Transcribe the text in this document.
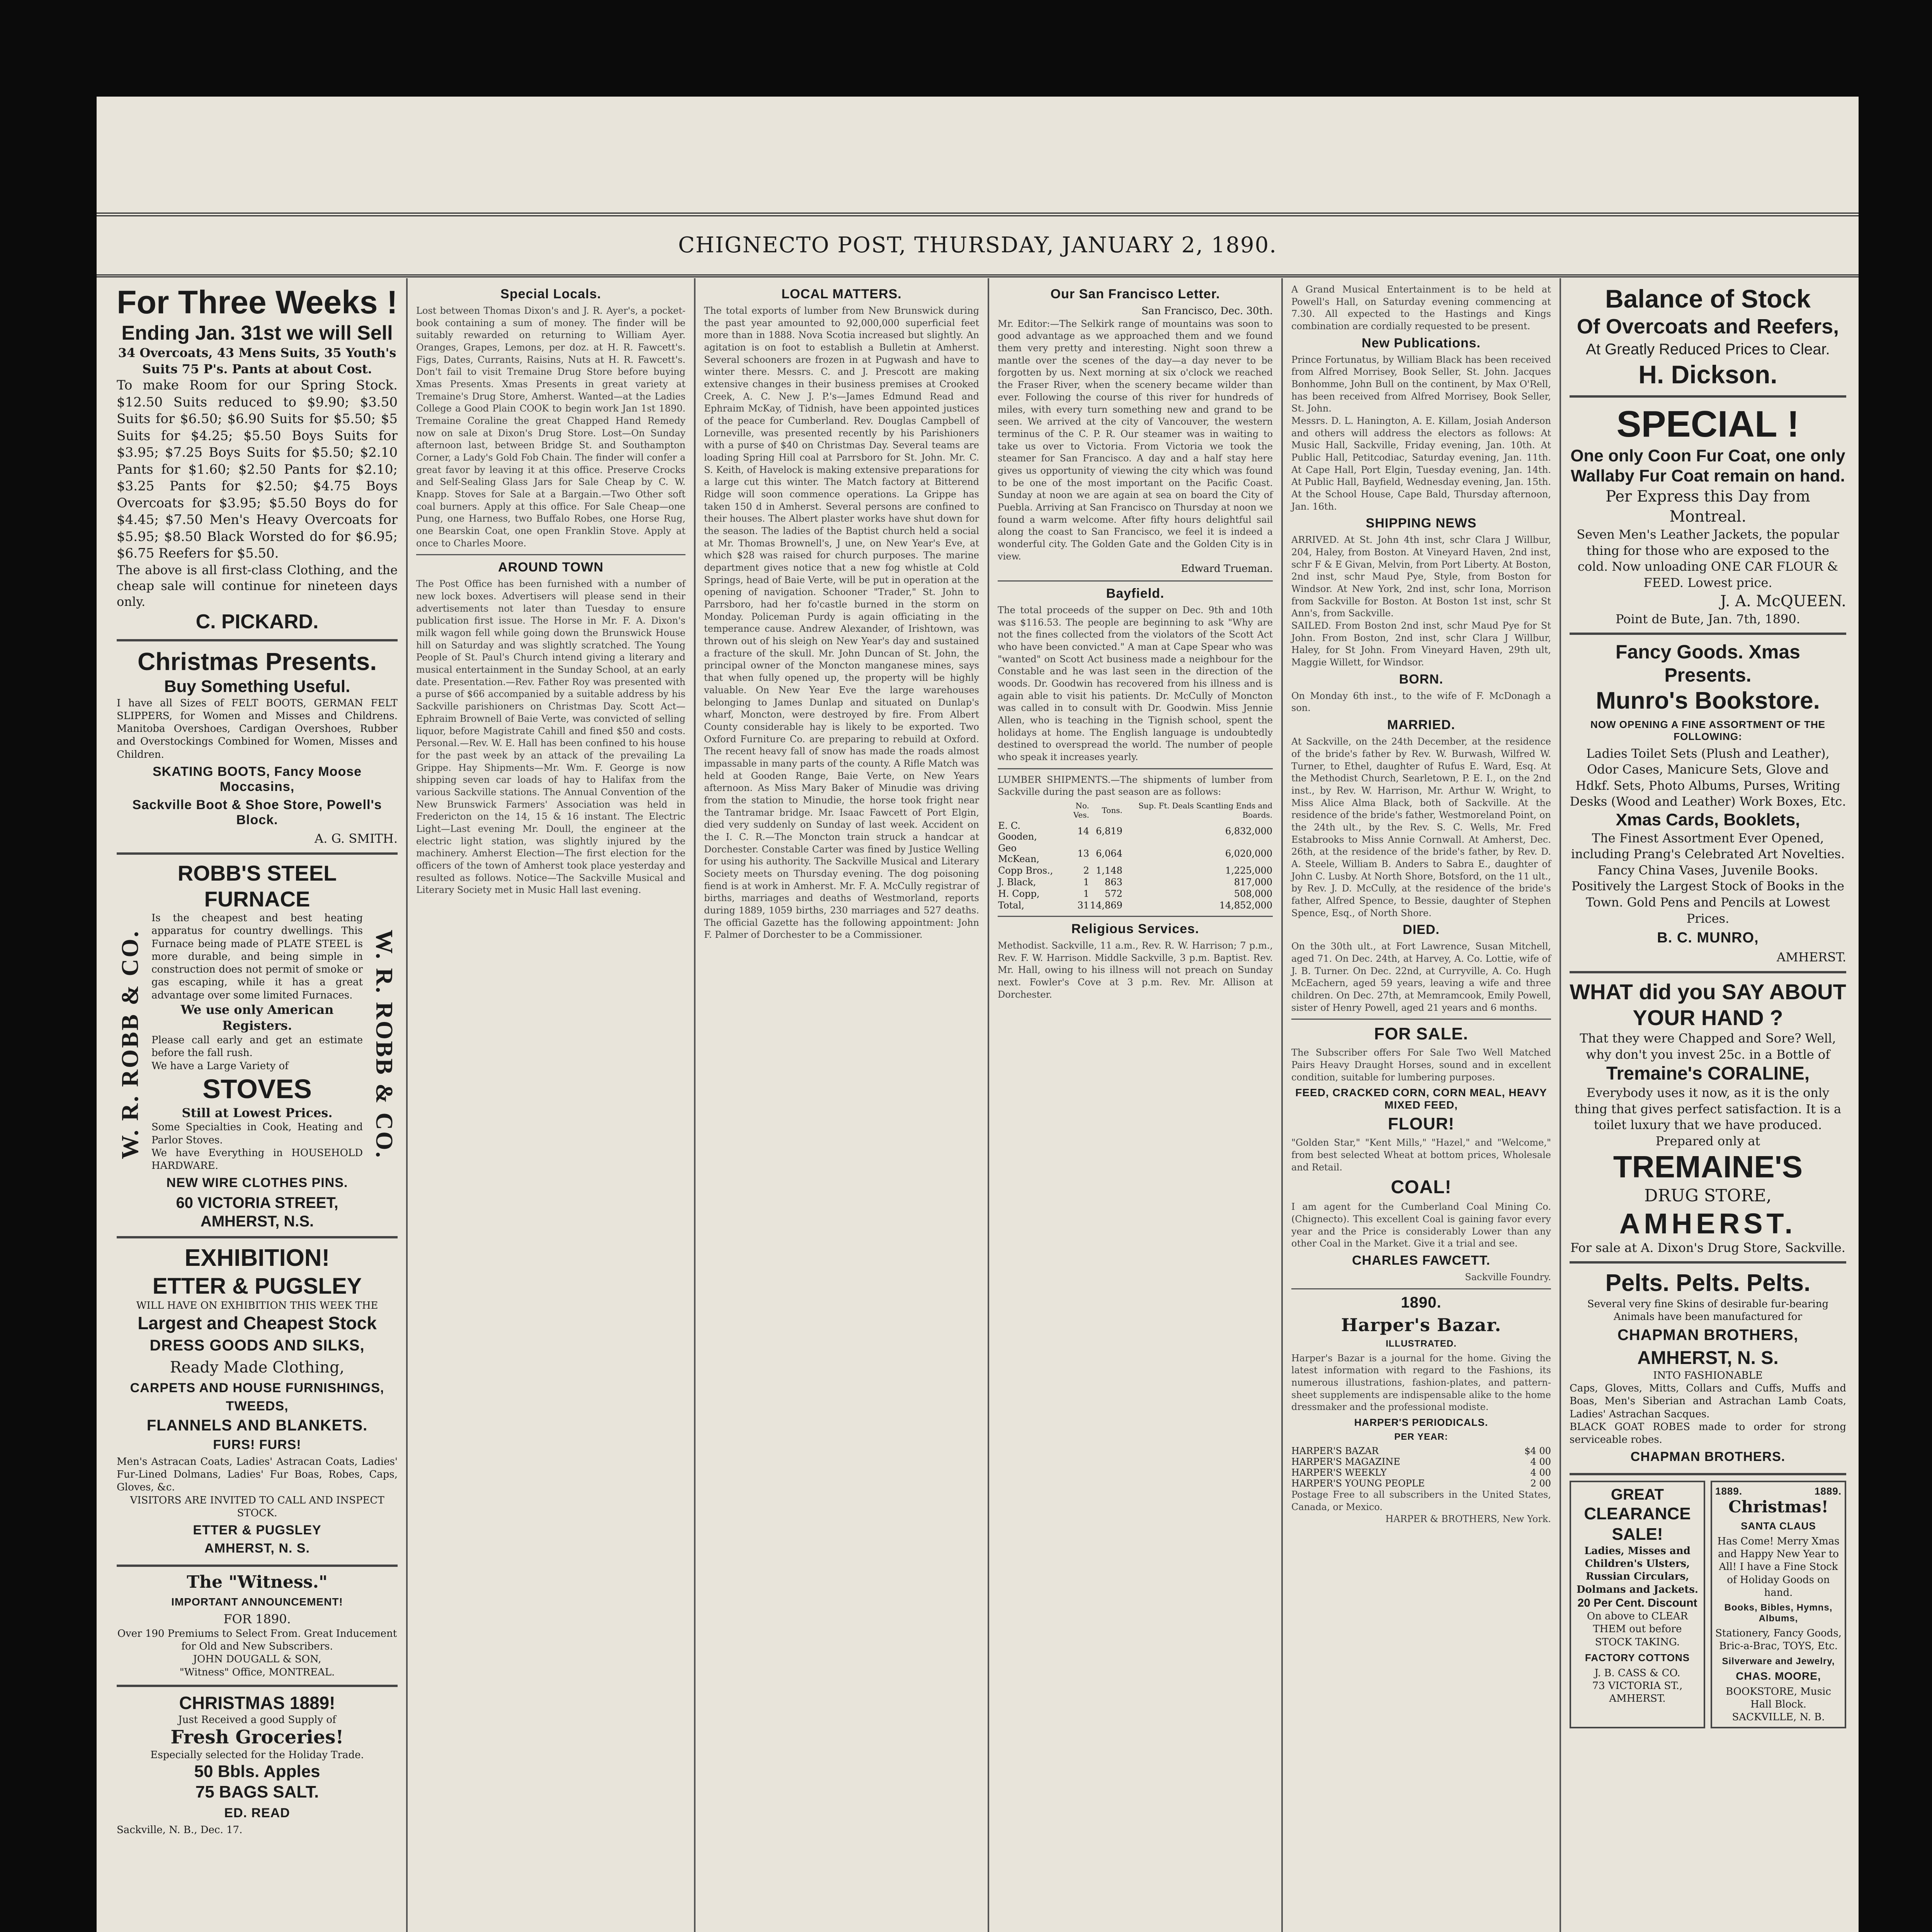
CHIGNECTO POST, THURSDAY, JANUARY 2, 1890.
For Three Weeks !
Ending Jan. 31st we will Sell
34 Overcoats, 43 Mens Suits, 35 Youth's Suits 75 P's. Pants at about Cost.
To make Room for our Spring Stock. $12.50 Suits reduced to $9.90; $3.50 Suits for $6.50; $6.90 Suits for $5.50; $5 Suits for $4.25; $5.50 Boys Suits for $3.95; $7.25 Boys Suits for $5.50; $2.10 Pants for $1.60; $2.50 Pants for $2.10; $3.25 Pants for $2.50; $4.75 Boys Overcoats for $3.95; $5.50 Boys do for $4.45; $7.50 Men's Heavy Overcoats for $5.95; $8.50 Black Worsted do for $6.95; $6.75 Reefers for $5.50.
The above is all first-class Clothing, and the cheap sale will continue for nineteen days only.
C. PICKARD.
Christmas Presents.
Buy Something Useful.
I have all Sizes of FELT BOOTS, GERMAN FELT SLIPPERS, for Women and Misses and Childrens. Manitoba Overshoes, Cardigan Overshoes, Rubber and Overstockings Combined for Women, Misses and Children.
SKATING BOOTS, Fancy Moose Moccasins,
Sackville Boot & Shoe Store, Powell's Block.
A. G. SMITH.
W. R. ROBB & CO.	W. R. ROBB & CO.
ROBB'S STEEL FURNACE
Is the cheapest and best heating apparatus for country dwellings. This Furnace being made of PLATE STEEL is more durable, and being simple in construction does not permit of smoke or gas escaping, while it has a great advantage over some limited Furnaces.
We use only American Registers.
Please call early and get an estimate before the fall rush.
We have a Large Variety of
STOVES
Still at Lowest Prices.
Some Specialties in Cook, Heating and Parlor Stoves.
We have Everything in HOUSEHOLD HARDWARE.
NEW WIRE CLOTHES PINS.
60 VICTORIA STREET, AMHERST, N.S.
EXHIBITION!
ETTER & PUGSLEY
WILL HAVE ON EXHIBITION THIS WEEK THE
Largest and Cheapest Stock
DRESS GOODS AND SILKS,
Ready Made Clothing,
CARPETS AND HOUSE FURNISHINGS,
TWEEDS,
FLANNELS AND BLANKETS.
FURS! FURS!
Men's Astracan Coats, Ladies' Astracan Coats, Ladies' Fur-Lined Dolmans, Ladies' Fur Boas, Robes, Caps, Gloves, &c.
VISITORS ARE INVITED TO CALL AND INSPECT STOCK.
ETTER & PUGSLEY
AMHERST, N. S.
The "Witness."
IMPORTANT ANNOUNCEMENT!
FOR 1890.
Over 190 Premiums to Select From. Great Inducement for Old and New Subscribers.
JOHN DOUGALL & SON,
"Witness" Office, MONTREAL.
CHRISTMAS 1889!
Just Received a good Supply of
Fresh Groceries!
Especially selected for the Holiday Trade.
50 Bbls. Apples
75 BAGS SALT.
ED. READ
Sackville, N. B., Dec. 17.
Special Locals.
Lost between Thomas Dixon's and J. R. Ayer's, a pocket-book containing a sum of money. The finder will be suitably rewarded on returning to William Ayer. Oranges, Grapes, Lemons, per doz. at H. R. Fawcett's. Figs, Dates, Currants, Raisins, Nuts at H. R. Fawcett's. Don't fail to visit Tremaine Drug Store before buying Xmas Presents. Xmas Presents in great variety at Tremaine's Drug Store, Amherst. Wanted—at the Ladies College a Good Plain COOK to begin work Jan 1st 1890. Tremaine Coraline the great Chapped Hand Remedy now on sale at Dixon's Drug Store. Lost—On Sunday afternoon last, between Bridge St. and Southampton Corner, a Lady's Gold Fob Chain. The finder will confer a great favor by leaving it at this office. Preserve Crocks and Self-Sealing Glass Jars for Sale Cheap by C. W. Knapp. Stoves for Sale at a Bargain.—Two Other soft coal burners. Apply at this office. For Sale Cheap—one Pung, one Harness, two Buffalo Robes, one Horse Rug, one Bearskin Coat, one open Franklin Stove. Apply at once to Charles Moore.
AROUND TOWN
The Post Office has been furnished with a number of new lock boxes. Advertisers will please send in their advertisements not later than Tuesday to ensure publication first issue. The Horse in Mr. F. A. Dixon's milk wagon fell while going down the Brunswick House hill on Saturday and was slightly scratched. The Young People of St. Paul's Church intend giving a literary and musical entertainment in the Sunday School, at an early date. Presentation.—Rev. Father Roy was presented with a purse of $66 accompanied by a suitable address by his Sackville parishioners on Christmas Day. Scott Act—Ephraim Brownell of Baie Verte, was convicted of selling liquor, before Magistrate Cahill and fined $50 and costs. Personal.—Rev. W. E. Hall has been confined to his house for the past week by an attack of the prevailing La Grippe. Hay Shipments—Mr. Wm. F. George is now shipping seven car loads of hay to Halifax from the various Sackville stations. The Annual Convention of the New Brunswick Farmers' Association was held in Fredericton on the 14, 15 & 16 instant. The Electric Light—Last evening Mr. Doull, the engineer at the electric light station, was slightly injured by the machinery. Amherst Election—The first election for the officers of the town of Amherst took place yesterday and resulted as follows. Notice—The Sackville Musical and Literary Society met in Music Hall last evening.
LOCAL MATTERS.
The total exports of lumber from New Brunswick during the past year amounted to 92,000,000 superficial feet more than in 1888. Nova Scotia increased but slightly. An agitation is on foot to establish a Bulletin at Amherst. Several schooners are frozen in at Pugwash and have to winter there. Messrs. C. and J. Prescott are making extensive changes in their business premises at Crooked Creek, A. C. New J. P.'s—James Edmund Read and Ephraim McKay, of Tidnish, have been appointed justices of the peace for Cumberland. Rev. Douglas Campbell of Lorneville, was presented recently by his Parishioners with a purse of $40 on Christmas Day. Several teams are loading Spring Hill coal at Parrsboro for St. John. Mr. C. S. Keith, of Havelock is making extensive preparations for a large cut this winter. The Match factory at Bitterend Ridge will soon commence operations. La Grippe has taken 150 d in Amherst. Several persons are confined to their houses. The Albert plaster works have shut down for the season. The ladies of the Baptist church held a social at Mr. Thomas Brownell's, J une, on New Year's Eve, at which $28 was raised for church purposes. The marine department gives notice that a new fog whistle at Cold Springs, head of Baie Verte, will be put in operation at the opening of navigation. Schooner "Trader," St. John to Parrsboro, had her fo'castle burned in the storm on Monday. Policeman Purdy is again officiating in the temperance cause. Andrew Alexander, of Irishtown, was thrown out of his sleigh on New Year's day and sustained a fracture of the skull. Mr. John Duncan of St. John, the principal owner of the Moncton manganese mines, says that when fully opened up, the property will be highly valuable. On New Year Eve the large warehouses belonging to James Dunlap and situated on Dunlap's wharf, Moncton, were destroyed by fire. From Albert County considerable hay is likely to be exported. Two Oxford Furniture Co. are preparing to rebuild at Oxford. The recent heavy fall of snow has made the roads almost impassable in many parts of the county. A Rifle Match was held at Gooden Range, Baie Verte, on New Years afternoon. As Miss Mary Baker of Minudie was driving from the station to Minudie, the horse took fright near the Tantramar bridge. Mr. Isaac Fawcett of Port Elgin, died very suddenly on Sunday of last week. Accident on the I. C. R.—The Moncton train struck a handcar at Dorchester. Constable Carter was fined by Justice Welling for using his authority. The Sackville Musical and Literary Society meets on Thursday evening. The dog poisoning fiend is at work in Amherst. Mr. F. A. McCully registrar of births, marriages and deaths of Westmorland, reports during 1889, 1059 births, 230 marriages and 527 deaths. The official Gazette has the following appointment: John F. Palmer of Dorchester to be a Commissioner.
Our San Francisco Letter.
San Francisco, Dec. 30th.
Mr. Editor:—The Selkirk range of mountains was soon to good advantage as we approached them and we found them very pretty and interesting. Night soon threw a mantle over the scenes of the day—a day never to be forgotten by us. Next morning at six o'clock we reached the Fraser River, when the scenery became wilder than ever. Following the course of this river for hundreds of miles, with every turn something new and grand to be seen. We arrived at the city of Vancouver, the western terminus of the C. P. R. Our steamer was in waiting to take us over to Victoria. From Victoria we took the steamer for San Francisco. A day and a half stay here gives us opportunity of viewing the city which was found to be one of the most important on the Pacific Coast. Sunday at noon we are again at sea on board the City of Puebla. Arriving at San Francisco on Thursday at noon we found a warm welcome. After fifty hours delightful sail along the coast to San Francisco, we feel it is indeed a wonderful city. The Golden Gate and the Golden City is in view.
Edward Trueman.
Bayfield.
The total proceeds of the supper on Dec. 9th and 10th was $116.53. The people are beginning to ask "Why are not the fines collected from the violators of the Scott Act who have been convicted." A man at Cape Spear who was "wanted" on Scott Act business made a neighbour for the Constable and he was last seen in the direction of the woods. Dr. Goodwin has recovered from his illness and is again able to visit his patients. Dr. McCully of Moncton was called in to consult with Dr. Goodwin. Miss Jennie Allen, who is teaching in the Tignish school, spent the holidays at home. The English language is undoubtedly destined to overspread the world. The number of people who speak it increases yearly.
LUMBER SHIPMENTS.—The shipments of lumber from Sackville during the past season are as follows:
	No. Ves.	Tons.	Sup. Ft. Deals Scantling Ends and Boards.
E. C. Gooden,	14	6,819	6,832,000
Geo McKean,	13	6,064	6,020,000
Copp Bros.,	2	1,148	1,225,000
J. Black,	1	863	817,000
H. Copp,	1	572	508,000
Total,	31	14,869	14,852,000
Religious Services.
Methodist. Sackville, 11 a.m., Rev. R. W. Harrison; 7 p.m., Rev. F. W. Harrison. Middle Sackville, 3 p.m. Baptist. Rev. Mr. Hall, owing to his illness will not preach on Sunday next. Fowler's Cove at 3 p.m. Rev. Mr. Allison at Dorchester.
A Grand Musical Entertainment is to be held at Powell's Hall, on Saturday evening commencing at 7.30. All expected to the Hastings and Kings combination are cordially requested to be present.
New Publications.
Prince Fortunatus, by William Black has been received from Alfred Morrisey, Book Seller, St. John. Jacques Bonhomme, John Bull on the continent, by Max O'Rell, has been received from Alfred Morrisey, Book Seller, St. John.
Messrs. D. L. Hanington, A. E. Killam, Josiah Anderson and others will address the electors as follows: At Music Hall, Sackville, Friday evening, Jan. 10th. At Public Hall, Petitcodiac, Saturday evening, Jan. 11th. At Cape Hall, Port Elgin, Tuesday evening, Jan. 14th. At Public Hall, Bayfield, Wednesday evening, Jan. 15th. At the School House, Cape Bald, Thursday afternoon, Jan. 16th.
SHIPPING NEWS
ARRIVED. At St. John 4th inst, schr Clara J Willbur, 204, Haley, from Boston. At Vineyard Haven, 2nd inst, schr F & E Givan, Melvin, from Port Liberty. At Boston, 2nd inst, schr Maud Pye, Style, from Boston for Windsor. At New York, 2nd inst, schr Iona, Morrison from Sackville for Boston. At Boston 1st inst, schr St Ann's, from Sackville.
SAILED. From Boston 2nd inst, schr Maud Pye for St John. From Boston, 2nd inst, schr Clara J Willbur, Haley, for St John. From Vineyard Haven, 29th ult, Maggie Willett, for Windsor.
BORN.
On Monday 6th inst., to the wife of F. McDonagh a son.
MARRIED.
At Sackville, on the 24th December, at the residence of the bride's father by Rev. W. Burwash, Wilfred W. Turner, to Ethel, daughter of Rufus E. Ward, Esq. At the Methodist Church, Searletown, P. E. I., on the 2nd inst., by Rev. W. Harrison, Mr. Arthur W. Wright, to Miss Alice Alma Black, both of Sackville. At the residence of the bride's father, Westmoreland Point, on the 24th ult., by the Rev. S. C. Wells, Mr. Fred Estabrooks to Miss Annie Cornwall. At Amherst, Dec. 26th, at the residence of the bride's father, by Rev. D. A. Steele, William B. Anders to Sabra E., daughter of John C. Lusby. At North Shore, Botsford, on the 11 ult., by Rev. J. D. McCully, at the residence of the bride's father, Alfred Spence, to Bessie, daughter of Stephen Spence, Esq., of North Shore.
DIED.
On the 30th ult., at Fort Lawrence, Susan Mitchell, aged 71. On Dec. 24th, at Harvey, A. Co. Lottie, wife of J. B. Turner. On Dec. 22nd, at Curryville, A. Co. Hugh McEachern, aged 59 years, leaving a wife and three children. On Dec. 27th, at Memramcook, Emily Powell, sister of Henry Powell, aged 21 years and 6 months.
FOR SALE.
The Subscriber offers For Sale Two Well Matched Pairs Heavy Draught Horses, sound and in excellent condition, suitable for lumbering purposes.
FEED, CRACKED CORN, CORN MEAL, HEAVY MIXED FEED,
FLOUR!
"Golden Star," "Kent Mills," "Hazel," and "Welcome," from best selected Wheat at bottom prices, Wholesale and Retail.
COAL!
I am agent for the Cumberland Coal Mining Co. (Chignecto). This excellent Coal is gaining favor every year and the Price is considerably Lower than any other Coal in the Market. Give it a trial and see.
CHARLES FAWCETT.
Sackville Foundry.
1890.
Harper's Bazar.
ILLUSTRATED.
Harper's Bazar is a journal for the home. Giving the latest information with regard to the Fashions, its numerous illustrations, fashion-plates, and pattern-sheet supplements are indispensable alike to the home dressmaker and the professional modiste.
HARPER'S PERIODICALS.
PER YEAR:
HARPER'S BAZAR	$4 00
HARPER'S MAGAZINE	4 00
HARPER'S WEEKLY	4 00
HARPER'S YOUNG PEOPLE	2 00
Postage Free to all subscribers in the United States, Canada, or Mexico.
HARPER & BROTHERS, New York.
Balance of Stock
Of Overcoats and Reefers,
At Greatly Reduced Prices to Clear.
H. Dickson.
SPECIAL !
One only Coon Fur Coat, one only Wallaby Fur Coat remain on hand.
Per Express this Day from Montreal.
Seven Men's Leather Jackets, the popular thing for those who are exposed to the cold. Now unloading ONE CAR FLOUR & FEED. Lowest price.
J. A. McQUEEN.
Point de Bute, Jan. 7th, 1890.
Fancy Goods. Xmas Presents.
Munro's Bookstore.
NOW OPENING A FINE ASSORTMENT OF THE FOLLOWING:
Ladies Toilet Sets (Plush and Leather), Odor Cases, Manicure Sets, Glove and Hdkf. Sets, Photo Albums, Purses, Writing Desks (Wood and Leather) Work Boxes, Etc.
Xmas Cards, Booklets,
The Finest Assortment Ever Opened, including Prang's Celebrated Art Novelties. Fancy China Vases, Juvenile Books. Positively the Largest Stock of Books in the Town. Gold Pens and Pencils at Lowest Prices.
B. C. MUNRO,
AMHERST.
WHAT did you SAY ABOUT YOUR HAND ?
That they were Chapped and Sore? Well, why don't you invest 25c. in a Bottle of
Tremaine's CORALINE,
Everybody uses it now, as it is the only thing that gives perfect satisfaction. It is a toilet luxury that we have produced. Prepared only at
TREMAINE'S
DRUG STORE,
AMHERST.
For sale at A. Dixon's Drug Store, Sackville.
Pelts. Pelts. Pelts.
Several very fine Skins of desirable fur-bearing Animals have been manufactured for
CHAPMAN BROTHERS,
AMHERST, N. S.
INTO FASHIONABLE
Caps, Gloves, Mitts, Collars and Cuffs, Muffs and Boas, Men's Siberian and Astrachan Lamb Coats, Ladies' Astrachan Sacques.
BLACK GOAT ROBES made to order for strong serviceable robes.
CHAPMAN BROTHERS.
GREAT
CLEARANCE
SALE!
Ladies, Misses and Children's Ulsters, Russian Circulars, Dolmans and Jackets.
20 Per Cent. Discount
On above to CLEAR THEM out before STOCK TAKING.
FACTORY COTTONS
J. B. CASS & CO.
73 VICTORIA ST., AMHERST.
1889.	1889.
Christmas!
SANTA CLAUS
Has Come! Merry Xmas and Happy New Year to All! I have a Fine Stock of Holiday Goods on hand.
Books, Bibles, Hymns, Albums,
Stationery, Fancy Goods, Bric-a-Brac, TOYS, Etc.
Silverware and Jewelry,
CHAS. MOORE,
BOOKSTORE, Music Hall Block.
SACKVILLE, N. B.
